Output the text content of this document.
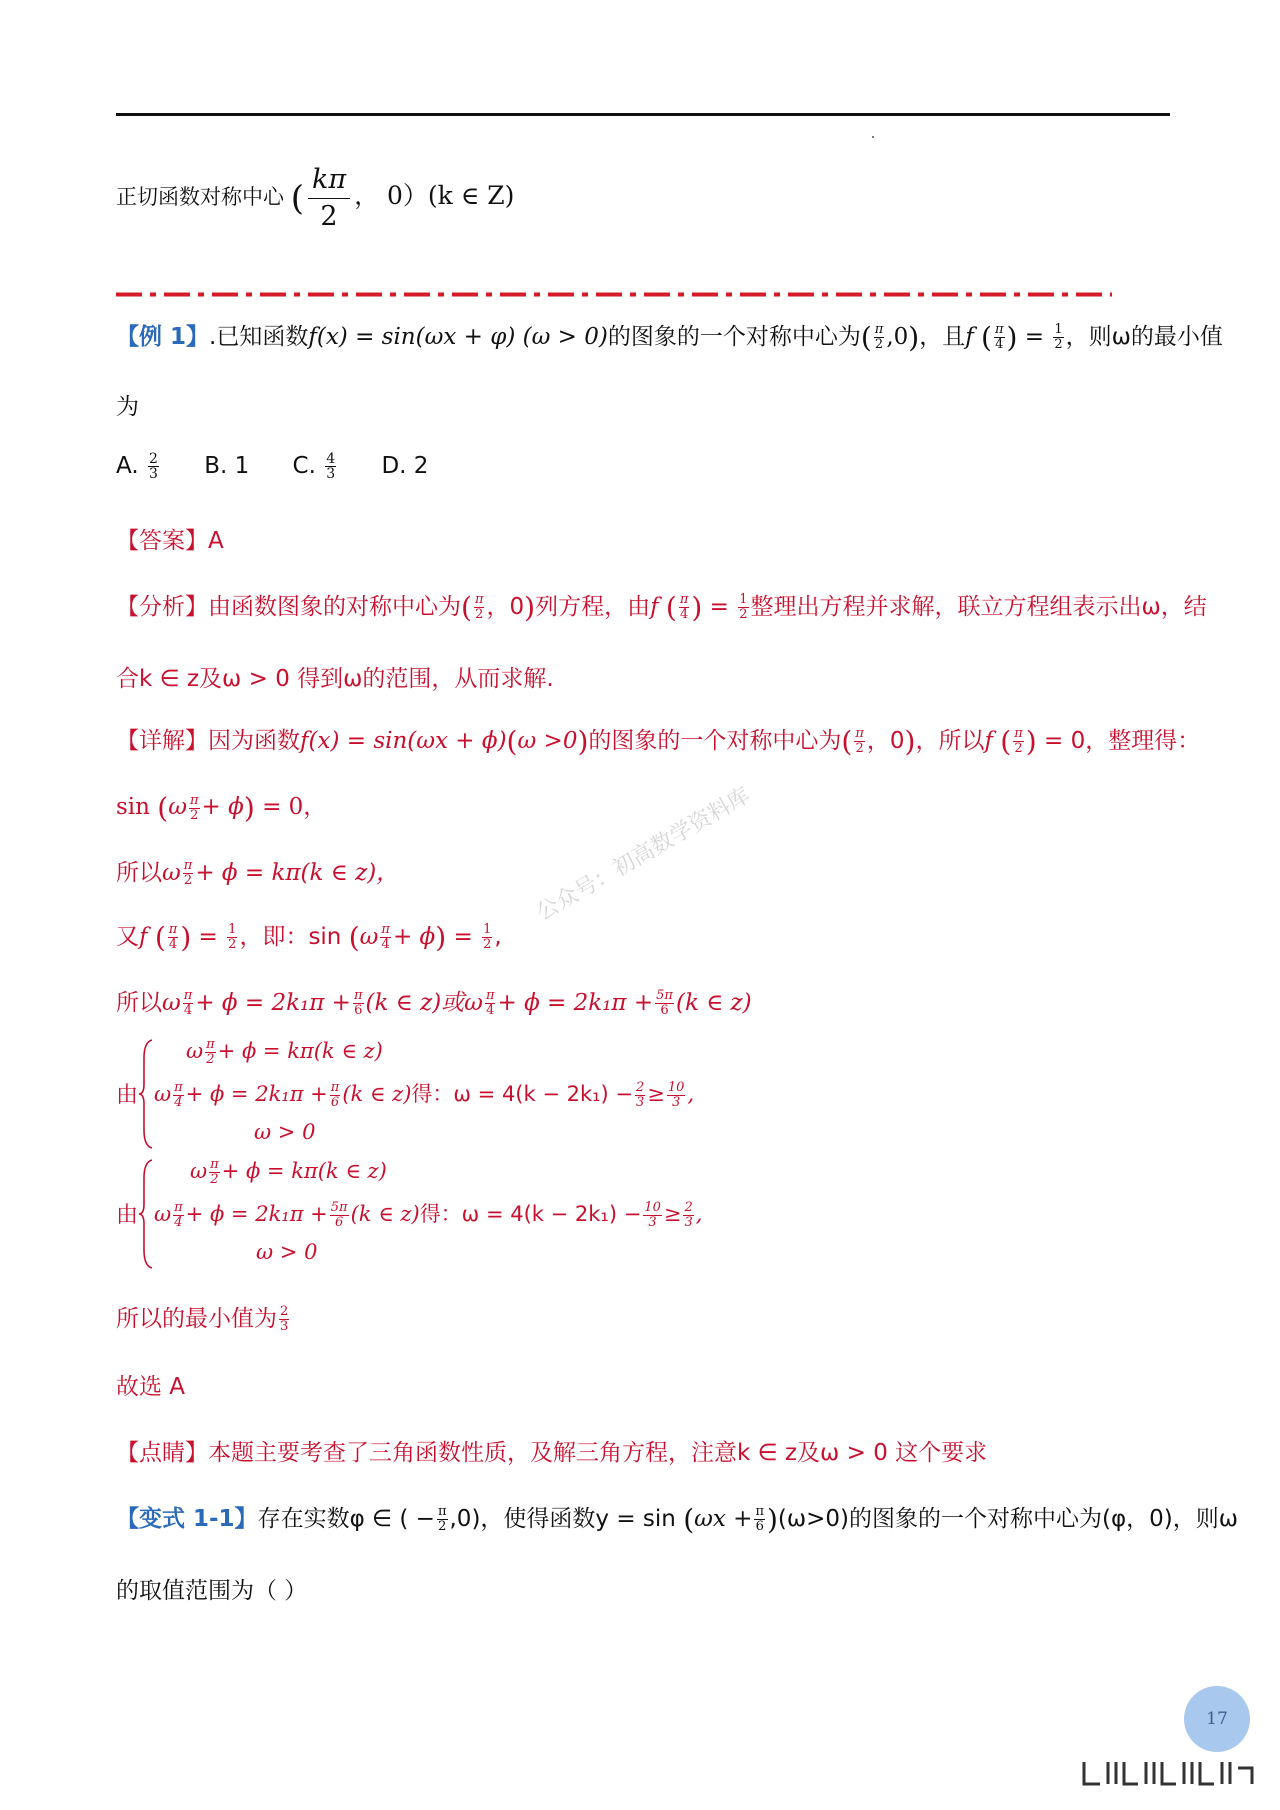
正切函数对称中心 ( $\frac{k\pi}{2}$ ， 0）(k ∈ Z)
【例 1】.已知函数f(x) = sin(ωx + φ) (ω > 0)的图象的一个对称中心为( $\frac{\pi}{2} ,0$)，且f ( $\frac{\pi}{4}$ ) = $\frac{1}{2}$ ，则ω的最小值
为
A. $\frac{2}{3} B$. 1 C. $\frac{4}{3} D$. 2
【答案】A
【分析】由函数图象的对称中心为( $\frac{\pi}{2}$ ，0)列方程，由f ( $\frac{\pi}{4}$ ) = $\frac{1}{2}$ 整理出方程并求解，联立方程组表示出ω，结
合k ∈ z及ω > 0 得到ω的范围，从而求解.
【详解】因为函数f(x) = sin(ωx + ϕ)(ω >0)的图象的一个对称中心为( $\frac{\pi}{2}$ ，0)，所以f ( $\frac{\pi}{2}$ ) = 0，整理得：
$\sin (\omega \frac{\pi}{2} + \phi) = 0$，
所以ω $\frac{\pi}{2} + \phi = k\pi(k$ ∈ z)，
又f ( $\frac{\pi}{4}$ ) = $\frac{1}{2}$ ，即：$\sin (\omega \frac{\pi}{4} + \phi) = \frac{1}{2}$ ,
所以ω $\frac{\pi}{4} + \phi = 2k_1\pi + \frac{\pi}{6} (k$ ∈ z)或ω $\frac{\pi}{4} + \phi = 2k_1\pi + \frac{5\pi}{6} (k$ ∈ z)
由
ω $\frac{\pi}{2} + \phi = k\pi(k$ ∈ z)
ω $\frac{\pi}{4} + \phi = 2k_1\pi + \frac{\pi}{6} (k$ ∈ z)得：$\omega = 4(k - 2k_1) - \frac{2}{3} \ge \frac{10}{3}$ ,
ω > 0
由
ω $\frac{\pi}{2} + \phi = k\pi(k$ ∈ z)
ω $\frac{\pi}{4} + \phi = 2k_1\pi + \frac{5\pi}{6} (k$ ∈ z)得：$\omega = 4(k - 2k_1) - \frac{10}{3} \ge \frac{2}{3}$ ,
ω > 0
所以的最小值为 $\frac{2}{3}$
故选 A
【点睛】本题主要考查了三角函数性质，及解三角方程，注意k ∈ z及ω > 0 这个要求
【变式 1-1】存在实数φ ∈ ( − $\frac{\pi}{2} ,0$)，使得函数$y = \sin (\omega x + \frac{\pi}{6} )(\omega>0)$的图象的一个对称中心为(φ，0)，则ω
的取值范围为（ ）
公众号：初高数学资料库
17
